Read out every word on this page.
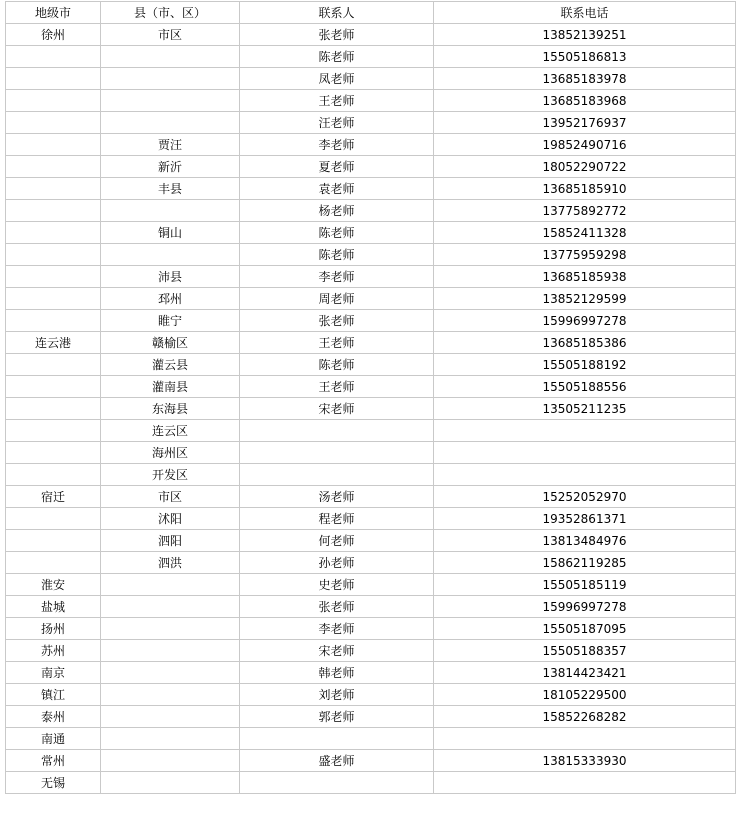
地级市	县（市、区）	联系人	联系电话
徐州	市区	张老师	13852139251
		陈老师	15505186813
		凤老师	13685183978
		王老师	13685183968
		汪老师	13952176937
	贾汪	李老师	19852490716
	新沂	夏老师	18052290722
	丰县	袁老师	13685185910
		杨老师	13775892772
	铜山	陈老师	15852411328
		陈老师	13775959298
	沛县	李老师	13685185938
	邳州	周老师	13852129599
	睢宁	张老师	15996997278
连云港	赣榆区	王老师	13685185386
	灌云县	陈老师	15505188192
	灌南县	王老师	15505188556
	东海县	宋老师	13505211235
	连云区		
	海州区		
	开发区		
宿迁	市区	汤老师	15252052970
	沭阳	程老师	19352861371
	泗阳	何老师	13813484976
	泗洪	孙老师	15862119285
淮安		史老师	15505185119
盐城		张老师	15996997278
扬州		李老师	15505187095
苏州		宋老师	15505188357
南京		韩老师	13814423421
镇江		刘老师	18105229500
泰州		郭老师	15852268282
南通			
常州		盛老师	13815333930
无锡			
